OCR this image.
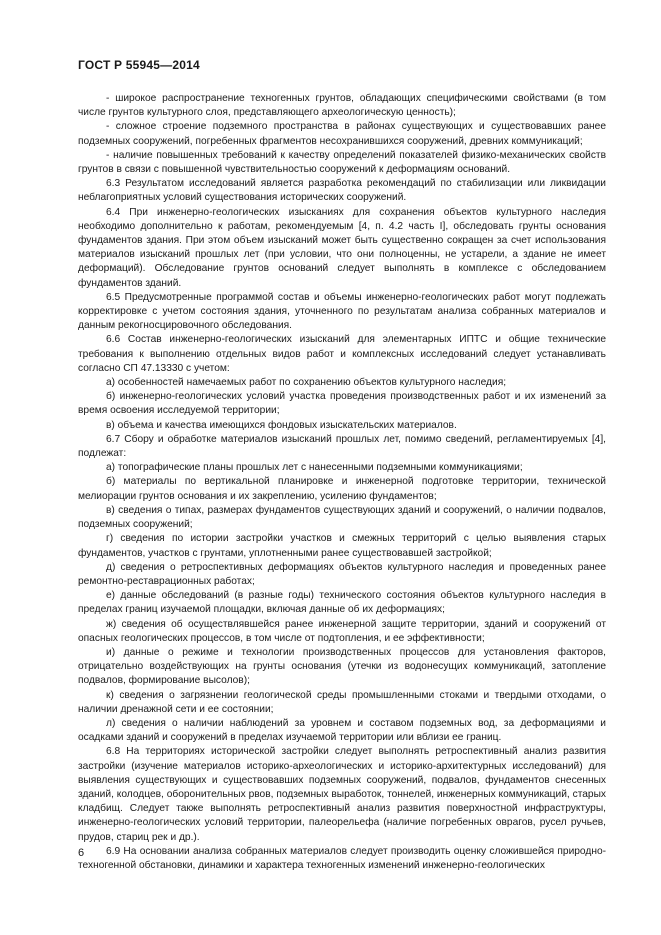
ГОСТ Р 55945—2014

- широкое распространение техногенных грунтов, обладающих специфическими свойствами (в том числе грунтов культурного слоя, представляющего археологическую ценность);

- сложное строение подземного пространства в районах существующих и существовавших ранее подземных сооружений, погребенных фрагментов несохранившихся сооружений, древних коммуникаций;

- наличие повышенных требований к качеству определений показателей физико-механических свойств грунтов в связи с повышенной чувствительностью сооружений к деформациям оснований.

6.3 Результатом исследований является разработка рекомендаций по стабилизации или ликвидации неблагоприятных условий существования исторических сооружений.

6.4 При инженерно-геологических изысканиях для сохранения объектов культурного наследия необходимо дополнительно к работам, рекомендуемым [4, п. 4.2 часть I], обследовать грунты основания фундаментов здания. При этом объем изысканий может быть существенно сокращен за счет использования материалов изысканий прошлых лет (при условии, что они полноценны, не устарели, а здание не имеет деформаций). Обследование грунтов оснований следует выполнять в комплексе с обследованием фундаментов зданий.

6.5 Предусмотренные программой состав и объемы инженерно-геологических работ могут подлежать корректировке с учетом состояния здания, уточненного по результатам анализа собранных материалов и данным рекогносцировочного обследования.

6.6 Состав инженерно-геологических изысканий для элементарных ИПТС и общие технические требования к выполнению отдельных видов работ и комплексных исследований следует устанавливать согласно СП 47.13330 с учетом:

а) особенностей намечаемых работ по сохранению объектов культурного наследия;

б) инженерно-геологических условий участка проведения производственных работ и их изменений за время освоения исследуемой территории;

в) объема и качества имеющихся фондовых изыскательских материалов.

6.7 Сбору и обработке материалов изысканий прошлых лет, помимо сведений, регламентируемых [4], подлежат:

а) топографические планы прошлых лет с нанесенными подземными коммуникациями;

б) материалы по вертикальной планировке и инженерной подготовке территории, технической мелиорации грунтов основания и их закреплению, усилению фундаментов;

в) сведения о типах, размерах фундаментов существующих зданий и сооружений, о наличии подвалов, подземных сооружений;

г) сведения по истории застройки участков и смежных территорий с целью выявления старых фундаментов, участков с грунтами, уплотненными ранее существовавшей застройкой;

д) сведения о ретроспективных деформациях объектов культурного наследия и проведенных ранее ремонтно-реставрационных работах;

е) данные обследований (в разные годы) технического состояния объектов культурного наследия в пределах границ изучаемой площадки, включая данные об их деформациях;

ж) сведения об осуществлявшейся ранее инженерной защите территории, зданий и сооружений от опасных геологических процессов, в том числе от подтопления, и ее эффективности;

и) данные о режиме и технологии производственных процессов для установления факторов, отрицательно воздействующих на грунты основания (утечки из водонесущих коммуникаций, затопление подвалов, формирование высолов);

к) сведения о загрязнении геологической среды промышленными стоками и твердыми отходами, о наличии дренажной сети и ее состоянии;

л) сведения о наличии наблюдений за уровнем и составом подземных вод, за деформациями и осадками зданий и сооружений в пределах изучаемой территории или вблизи ее границ.

6.8 На территориях исторической застройки следует выполнять ретроспективный анализ развития застройки (изучение материалов историко-археологических и историко-архитектурных исследований) для выявления существующих и существовавших подземных сооружений, подвалов, фундаментов снесенных зданий, колодцев, оборонительных рвов, подземных выработок, тоннелей, инженерных коммуникаций, старых кладбищ. Следует также выполнять ретроспективный анализ развития поверхностной инфраструктуры, инженерно-геологических условий территории, палеорельефа (наличие погребенных оврагов, русел ручьев, прудов, стариц рек и др.).

6.9 На основании анализа собранных материалов следует производить оценку сложившейся природно-техногенной обстановки, динамики и характера техногенных изменений инженерно-геологических

6
